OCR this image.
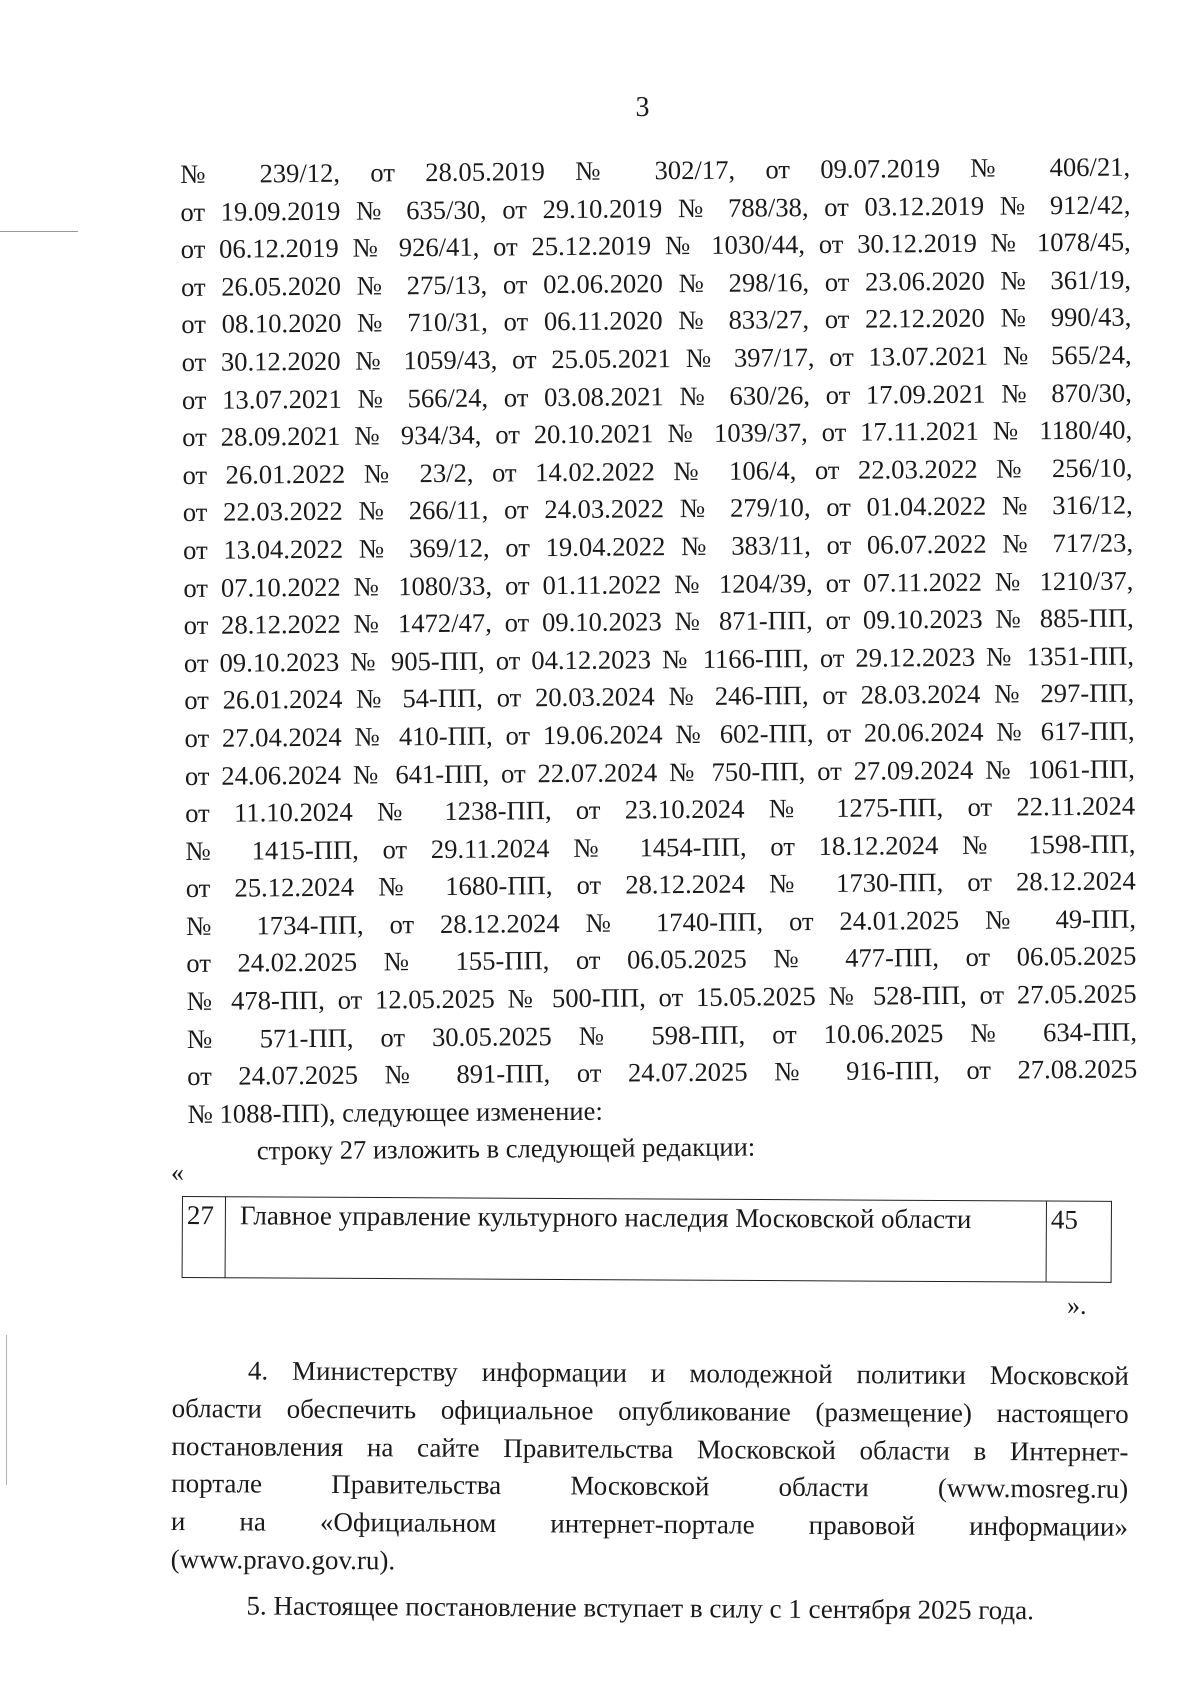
3
№ 239/12, от 28.05.2019 № 302/17, от 09.07.2019 № 406/21,
от 19.09.2019 № 635/30, от 29.10.2019 № 788/38, от 03.12.2019 № 912/42,
от 06.12.2019 № 926/41, от 25.12.2019 № 1030/44, от 30.12.2019 № 1078/45,
от 26.05.2020 № 275/13, от 02.06.2020 № 298/16, от 23.06.2020 № 361/19,
от 08.10.2020 № 710/31, от 06.11.2020 № 833/27, от 22.12.2020 № 990/43,
от 30.12.2020 № 1059/43, от 25.05.2021 № 397/17, от 13.07.2021 № 565/24,
от 13.07.2021 № 566/24, от 03.08.2021 № 630/26, от 17.09.2021 № 870/30,
от 28.09.2021 № 934/34, от 20.10.2021 № 1039/37, от 17.11.2021 № 1180/40,
от 26.01.2022 № 23/2, от 14.02.2022 № 106/4, от 22.03.2022 № 256/10,
от 22.03.2022 № 266/11, от 24.03.2022 № 279/10, от 01.04.2022 № 316/12,
от 13.04.2022 № 369/12, от 19.04.2022 № 383/11, от 06.07.2022 № 717/23,
от 07.10.2022 № 1080/33, от 01.11.2022 № 1204/39, от 07.11.2022 № 1210/37,
от 28.12.2022 № 1472/47, от 09.10.2023 № 871-ПП, от 09.10.2023 № 885-ПП,
от 09.10.2023 № 905-ПП, от 04.12.2023 № 1166-ПП, от 29.12.2023 № 1351-ПП,
от 26.01.2024 № 54-ПП, от 20.03.2024 № 246-ПП, от 28.03.2024 № 297-ПП,
от 27.04.2024 № 410-ПП, от 19.06.2024 № 602-ПП, от 20.06.2024 № 617-ПП,
от 24.06.2024 № 641-ПП, от 22.07.2024 № 750-ПП, от 27.09.2024 № 1061-ПП,
от 11.10.2024 № 1238-ПП, от 23.10.2024 № 1275-ПП, от 22.11.2024
№ 1415-ПП, от 29.11.2024 № 1454-ПП, от 18.12.2024 № 1598-ПП,
от 25.12.2024 № 1680-ПП, от 28.12.2024 № 1730-ПП, от 28.12.2024
№ 1734-ПП, от 28.12.2024 № 1740-ПП, от 24.01.2025 № 49-ПП,
от 24.02.2025 № 155-ПП, от 06.05.2025 № 477-ПП, от 06.05.2025
№ 478-ПП, от 12.05.2025 № 500-ПП, от 15.05.2025 № 528-ПП, от 27.05.2025
№ 571-ПП, от 30.05.2025 № 598-ПП, от 10.06.2025 № 634-ПП,
от 24.07.2025 № 891-ПП, от 24.07.2025 № 916-ПП, от 27.08.2025
№ 1088-ПП), следующее изменение:
строку 27 изложить в следующей редакции:
«
27	Главное управление культурного наследия Московской области	45
».
4. Министерству информации и молодежной политики Московской
области обеспечить официальное опубликование (размещение) настоящего
постановления на сайте Правительства Московской области в Интернет-
портале Правительства Московской области (www.mosreg.ru)
и на «Официальном интернет-портале правовой информации»
(www.pravo.gov.ru).
5. Настоящее постановление вступает в силу с 1 сентября 2025 года.
